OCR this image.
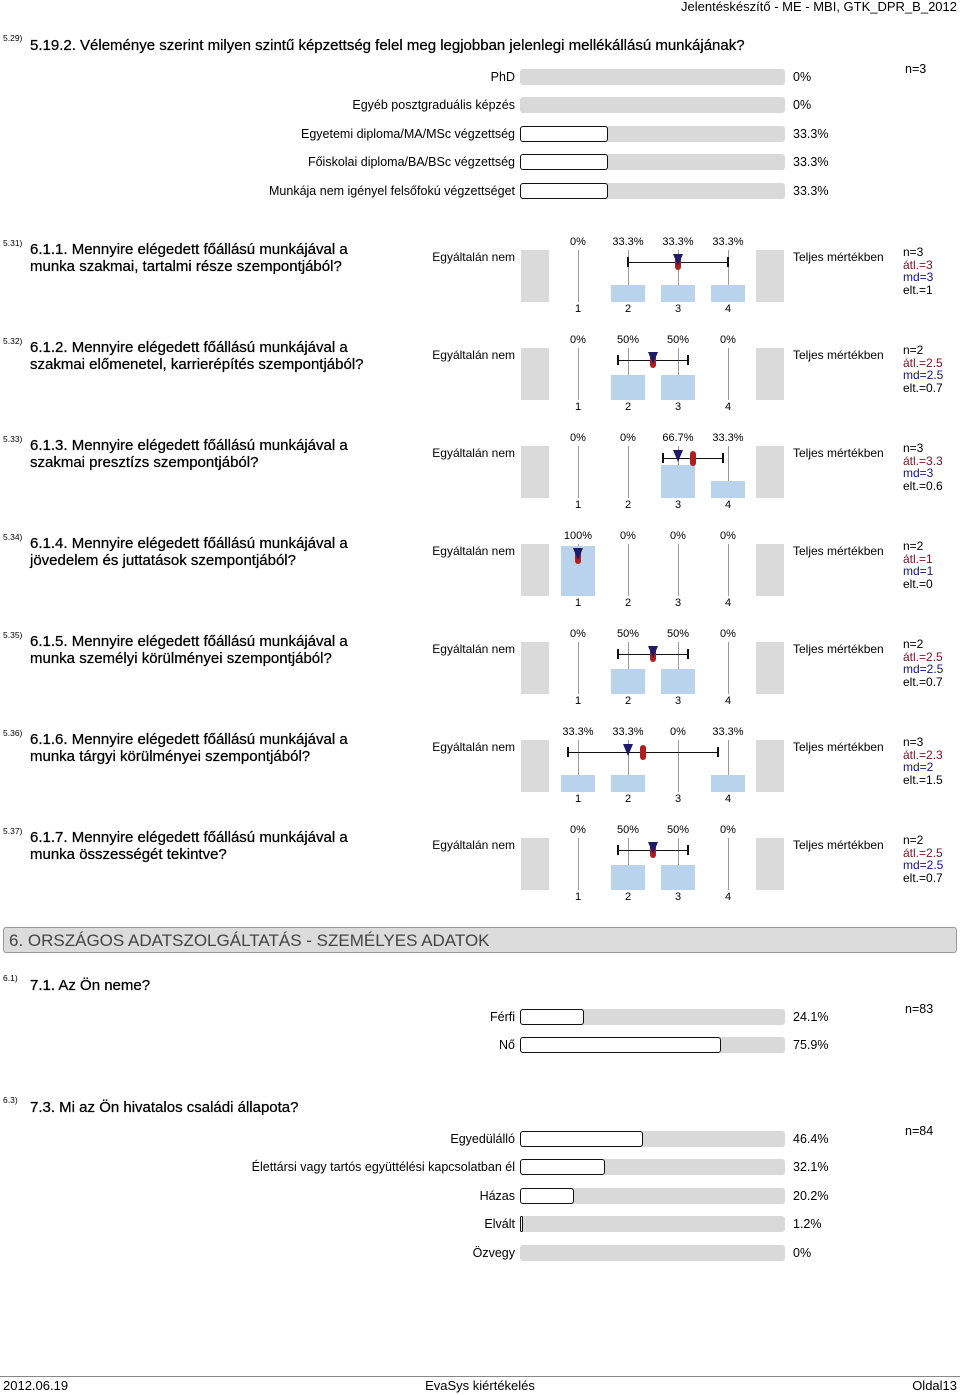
Jelentéskészítő - ME - MBI, GTK_DPR_B_2012
6. ORSZÁGOS ADATSZOLGÁLTATÁS - SZEMÉLYES ADATOK
2012.06.19	EvaSys kiértékelés	Oldal13
5.29) 5.19.2. Véleménye szerint milyen szintű képzettség felel meg legjobban jelenlegi mellékállású munkájának?
n=3
PhD	0%
Egyéb posztgraduális képzés	0%
Egyetemi diploma/MA/MSc végzettség	33.3%
Főiskolai diploma/BA/BSc végzettség	33.3%
Munkája nem igényel felsőfokú végzettséget	33.3%
5.31) 6.1.1. Mennyire elégedett főállású munkájával a
munka szakmai, tartalmi része szempontjából?
Egyáltalán nem	Teljes mértékben n=3
átl.=3
md=3
elt.=1
0%
1
33.3%
2
33.3%
3
33.3%
4
5.32) 6.1.2. Mennyire elégedett főállású munkájával a
szakmai előmenetel, karrierépítés szempontjából?
Egyáltalán nem	Teljes mértékben n=2
átl.=2.5
md=2.5
elt.=0.7
0%
1
50%
2
50%
3
0%
4
5.33) 6.1.3. Mennyire elégedett főállású munkájával a
szakmai presztízs szempontjából?
Egyáltalán nem	Teljes mértékben n=3
átl.=3.3
md=3
elt.=0.6
0%
1
0%
2
66.7%
3
33.3%
4
5.34) 6.1.4. Mennyire elégedett főállású munkájával a
jövedelem és juttatások szempontjából?
Egyáltalán nem	Teljes mértékben n=2
átl.=1
md=1
elt.=0
100%
1
0%
2
0%
3
0%
4
5.35) 6.1.5. Mennyire elégedett főállású munkájával a
munka személyi körülményei szempontjából?
Egyáltalán nem	Teljes mértékben n=2
átl.=2.5
md=2.5
elt.=0.7
0%
1
50%
2
50%
3
0%
4
5.36) 6.1.6. Mennyire elégedett főállású munkájával a
munka tárgyi körülményei szempontjából?
Egyáltalán nem	Teljes mértékben n=3
átl.=2.3
md=2
elt.=1.5
33.3%
1
33.3%
2
0%
3
33.3%
4
5.37) 6.1.7. Mennyire elégedett főállású munkájával a
munka összességét tekintve?
Egyáltalán nem	Teljes mértékben n=2
átl.=2.5
md=2.5
elt.=0.7
0%
1
50%
2
50%
3
0%
4
6.1) 7.1. Az Ön neme?
n=83
Férfi	24.1%
Nő	75.9%
6.3) 7.3. Mi az Ön hivatalos családi állapota?
n=84
Egyedülálló	46.4%
Élettársi vagy tartós együttélési kapcsolatban él	32.1%
Házas	20.2%
Elvált	1.2%
Özvegy	0%
